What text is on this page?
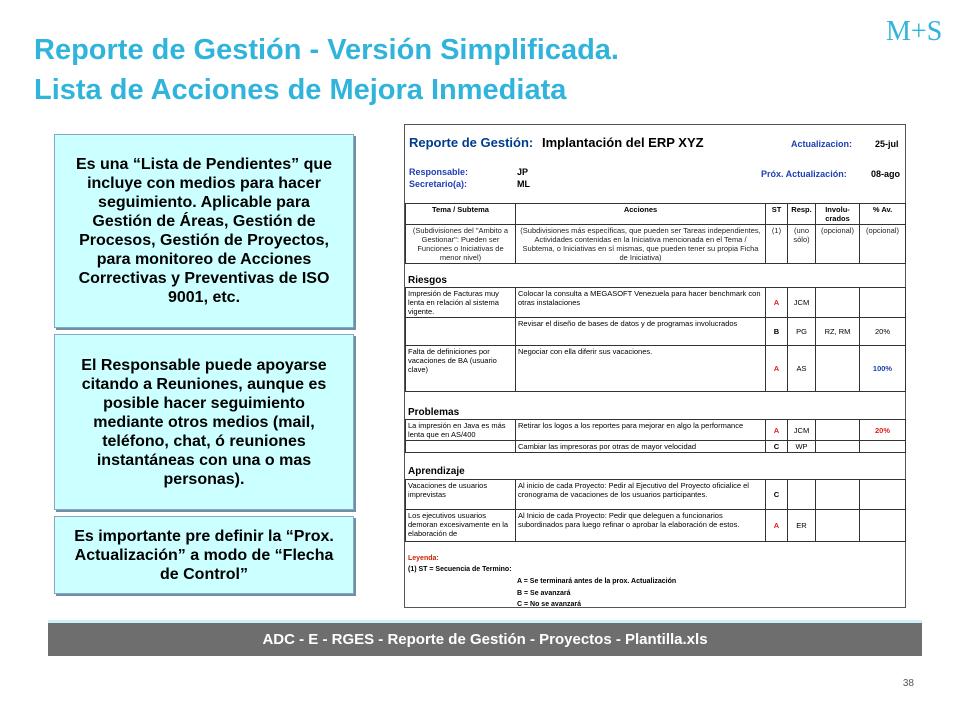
M+S
Reporte de Gestión - Versión Simplificada.
Lista de Acciones de Mejora Inmediata
Es una “Lista de Pendientes” que incluye con medios para hacer seguimiento. Aplicable para Gestión de Áreas, Gestión de Procesos, Gestión de Proyectos, para monitoreo de Acciones Correctivas y Preventivas de ISO 9001, etc.
El Responsable puede apoyarse citando a Reuniones, aunque es posible hacer seguimiento mediante otros medios (mail, teléfono, chat, ó reuniones instantáneas con una o mas personas).
Es importante pre definir la “Prox. Actualización” a modo de “Flecha de Control”
Reporte de Gestión: Implantación del ERP XYZ	Actualizacion:	25-jul
Responsable:	JP
Secretario(a):	ML
Próx. Actualización:	08-ago
Tema / Subtema	Acciones	ST	Resp.	Involu-crados	% Av.
(Subdivisiones del "Ambito a Gestionar": Pueden ser Funciones o Iniciativas de menor nivel)	(Subdivisiones más específicas, que pueden ser Tareas independientes, Actividades contenidas en la Iniciativa mencionada en el Tema / Subtema, o Iniciativas en sí mismas, que pueden tener su propia Ficha de Iniciativa)	(1)	(uno sólo)	(opcional)	(opcional)
Riesgos
Impresión de Facturas muy lenta en relación al sistema vigente.	Colocar la consulta a MEGASOFT Venezuela para hacer benchmark con otras instalaciones	A	JCM		
	Revisar el diseño de bases de datos y de programas involucrados	B	PG	RZ, RM	20%
Falta de definiciones por vacaciones de BA (usuario clave)	Negociar con ella diferir sus vacaciones.	A	AS		100%
Problemas
La impresión en Java es más lenta que en AS/400	Retirar los logos a los reportes para mejorar en algo la performance	A	JCM		20%
	Cambiar las impresoras por otras de mayor velocidad	C	WP		
Aprendizaje
Vacaciones de usuarios imprevistas	Al inicio de cada Proyecto: Pedir al Ejecutivo del Proyecto oficialice el cronograma de vacaciones de los usuarios participantes.	C			
Los ejecutivos usuarios demoran excesivamente en la elaboración de	Al Inicio de cada Proyecto: Pedir que deleguen a funcionarios subordinados para luego refinar o aprobar la elaboración de estos.	A	ER		
Leyenda:
(1) ST = Secuencia de Termino:
A = Se terminará antes de la prox. Actualización
B = Se avanzará
C = No se avanzará
ADC - E - RGES - Reporte de Gestión - Proyectos - Plantilla.xls
38
